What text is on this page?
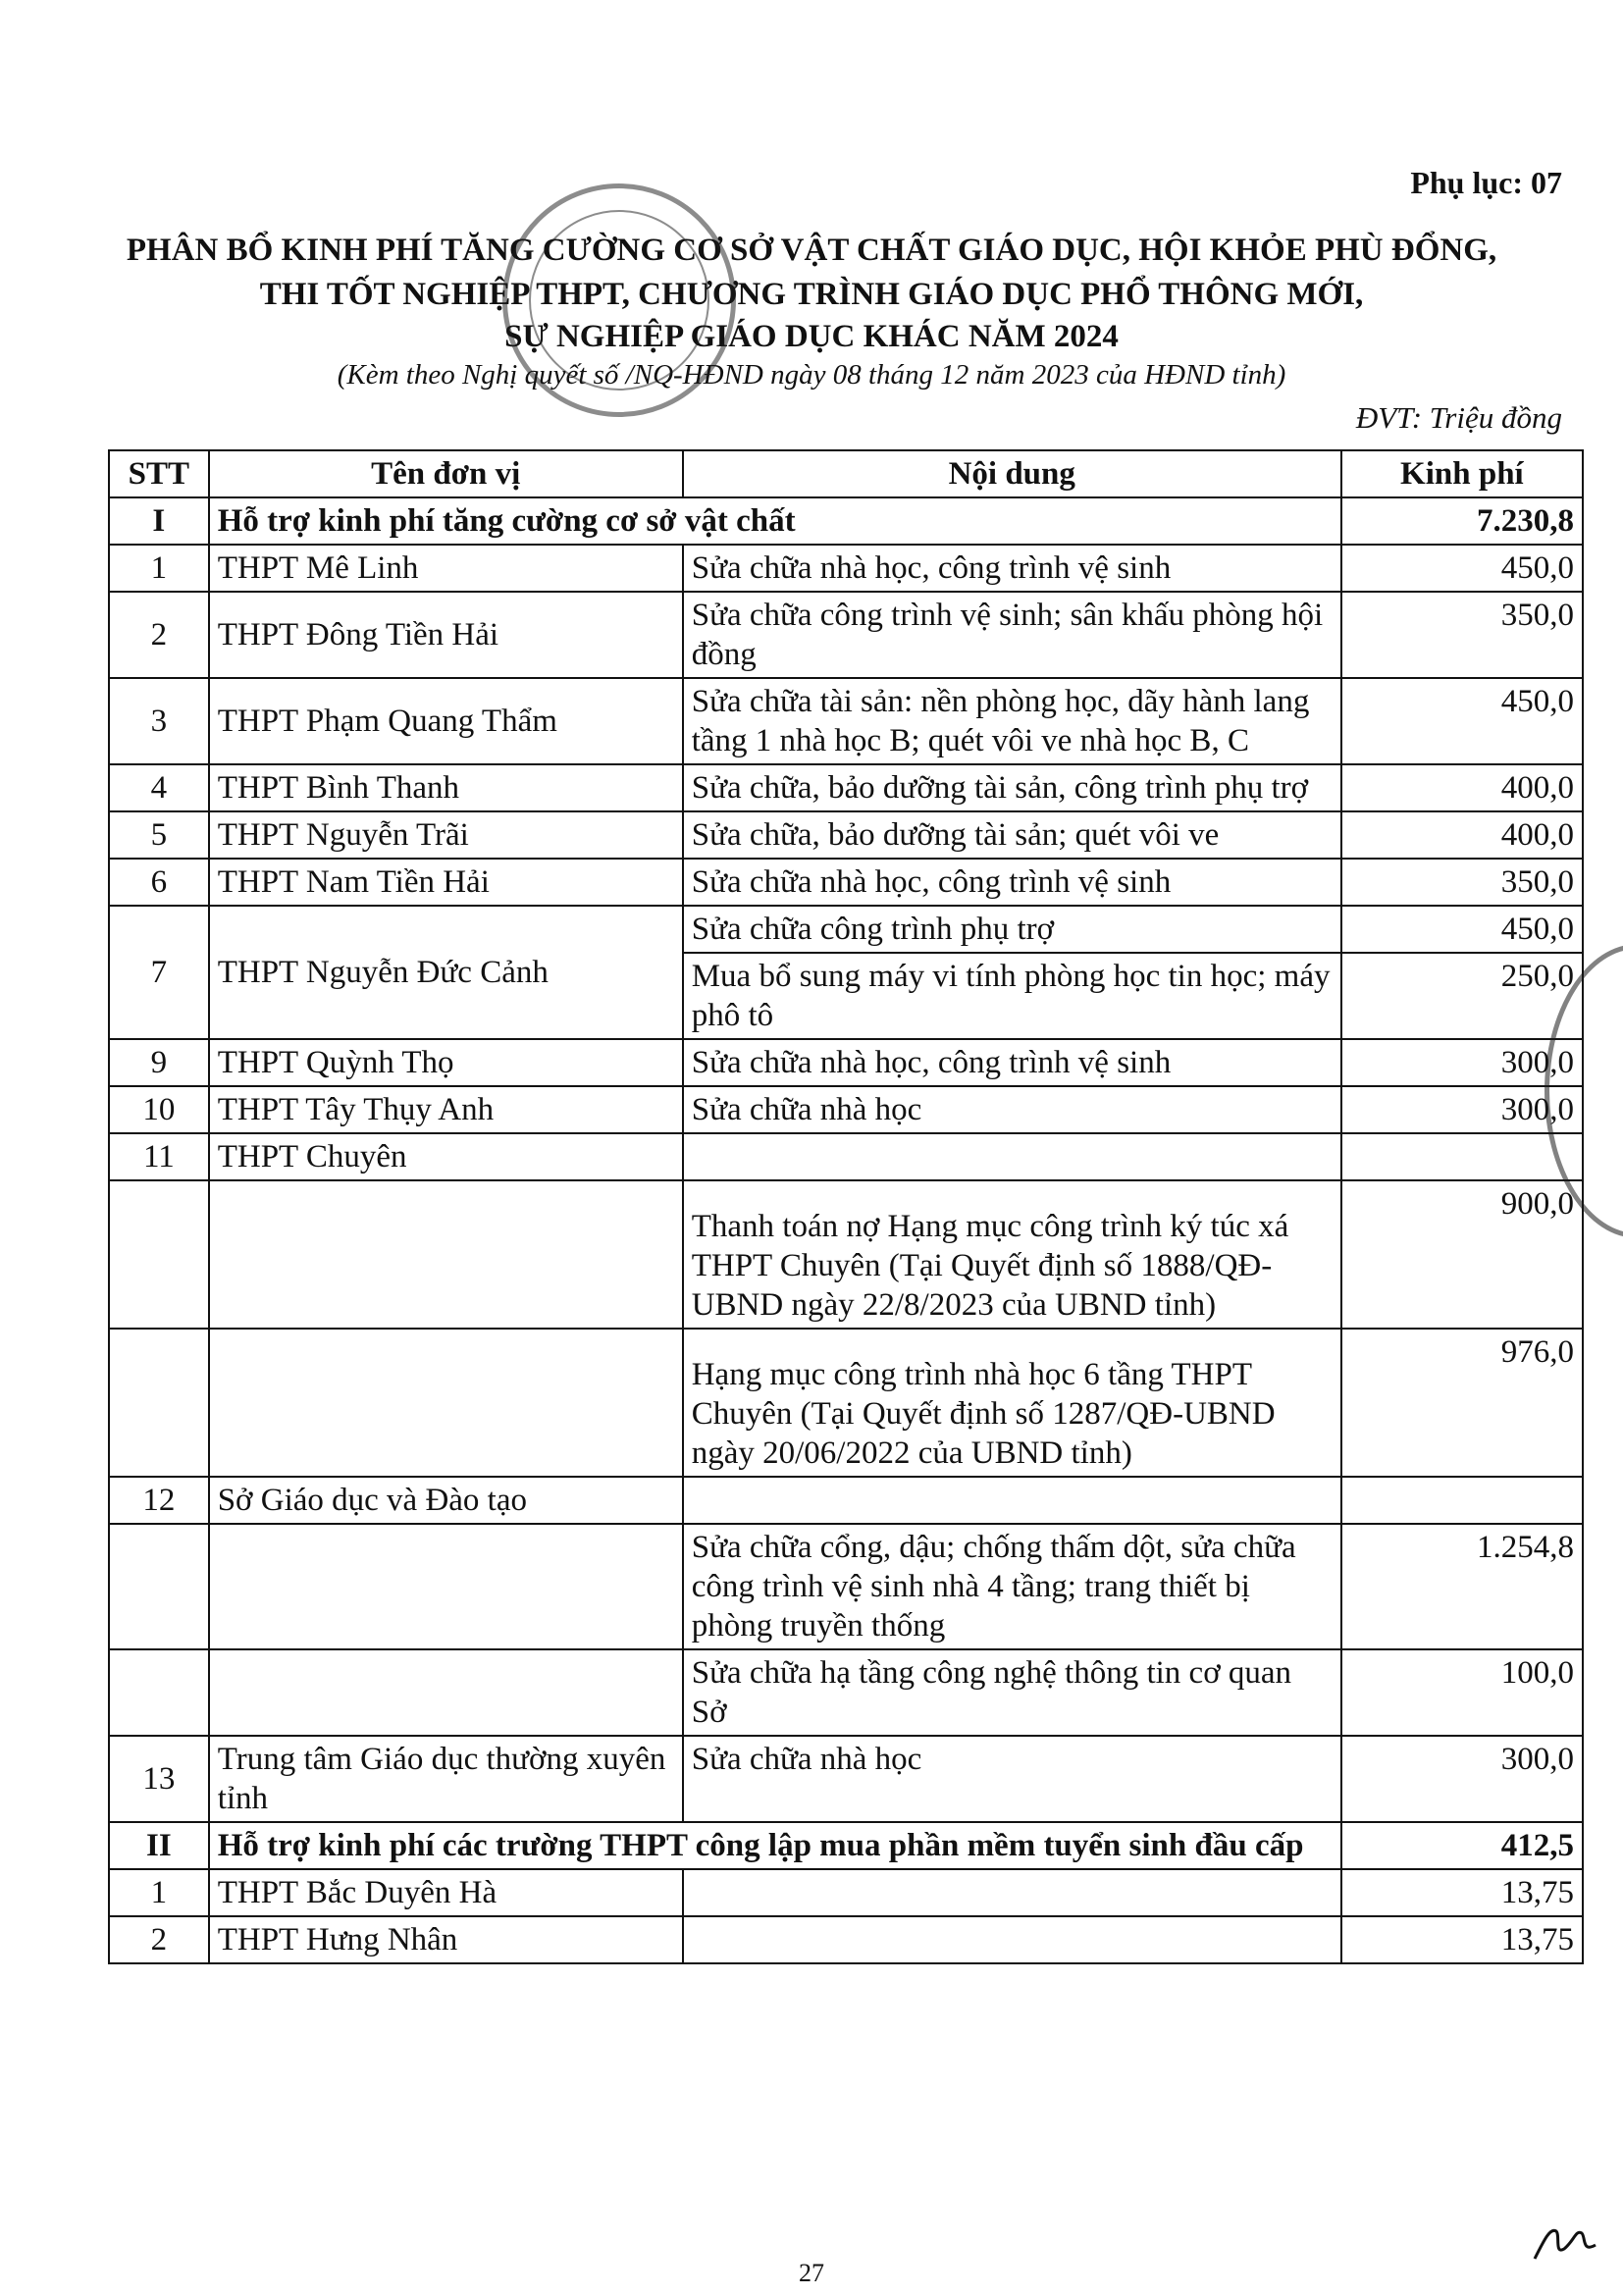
Phụ lục: 07
PHÂN BỔ KINH PHÍ TĂNG CƯỜNG CƠ SỞ VẬT CHẤT GIÁO DỤC, HỘI KHỎE PHÙ ĐỔNG,
THI TỐT NGHIỆP THPT, CHƯƠNG TRÌNH GIÁO DỤC PHỔ THÔNG MỚI,
SỰ NGHIỆP GIÁO DỤC KHÁC NĂM 2024
(Kèm theo Nghị quyết số /NQ-HĐND ngày 08 tháng 12 năm 2023 của HĐND tỉnh)
ĐVT: Triệu đồng
STT	Tên đơn vị	Nội dung	Kinh phí
I	Hỗ trợ kinh phí tăng cường cơ sở vật chất		7.230,8
1	THPT Mê Linh	Sửa chữa nhà học, công trình vệ sinh	450,0
2	THPT Đông Tiền Hải	Sửa chữa công trình vệ sinh; sân khấu phòng hội đồng	350,0
3	THPT Phạm Quang Thẩm	Sửa chữa tài sản: nền phòng học, dãy hành lang tầng 1 nhà học B; quét vôi ve nhà học B, C	450,0
4	THPT Bình Thanh	Sửa chữa, bảo dưỡng tài sản, công trình phụ trợ	400,0
5	THPT Nguyễn Trãi	Sửa chữa, bảo dưỡng tài sản; quét vôi ve	400,0
6	THPT Nam Tiền Hải	Sửa chữa nhà học, công trình vệ sinh	350,0
7	THPT Nguyễn Đức Cảnh	Sửa chữa công trình phụ trợ	450,0
		Mua bổ sung máy vi tính phòng học tin học; máy phô tô	250,0
9	THPT Quỳnh Thọ	Sửa chữa nhà học, công trình vệ sinh	300,0
10	THPT Tây Thụy Anh	Sửa chữa nhà học	300,0
11	THPT Chuyên		
		Thanh toán nợ Hạng mục công trình ký túc xá THPT Chuyên (Tại Quyết định số 1888/QĐ-UBND ngày 22/8/2023 của UBND tỉnh)	900,0
		Hạng mục công trình nhà học 6 tầng THPT Chuyên (Tại Quyết định số 1287/QĐ-UBND ngày 20/06/2022 của UBND tỉnh)	976,0
12	Sở Giáo dục và Đào tạo		
		Sửa chữa cổng, dậu; chống thấm dột, sửa chữa công trình vệ sinh nhà 4 tầng; trang thiết bị phòng truyền thống	1.254,8
		Sửa chữa hạ tầng công nghệ thông tin cơ quan Sở	100,0
13	Trung tâm Giáo dục thường xuyên tỉnh	Sửa chữa nhà học	300,0
II	Hỗ trợ kinh phí các trường THPT công lập mua phần mềm tuyển sinh đầu cấp		412,5
1	THPT Bắc Duyên Hà		13,75
2	THPT Hưng Nhân		13,75
27
